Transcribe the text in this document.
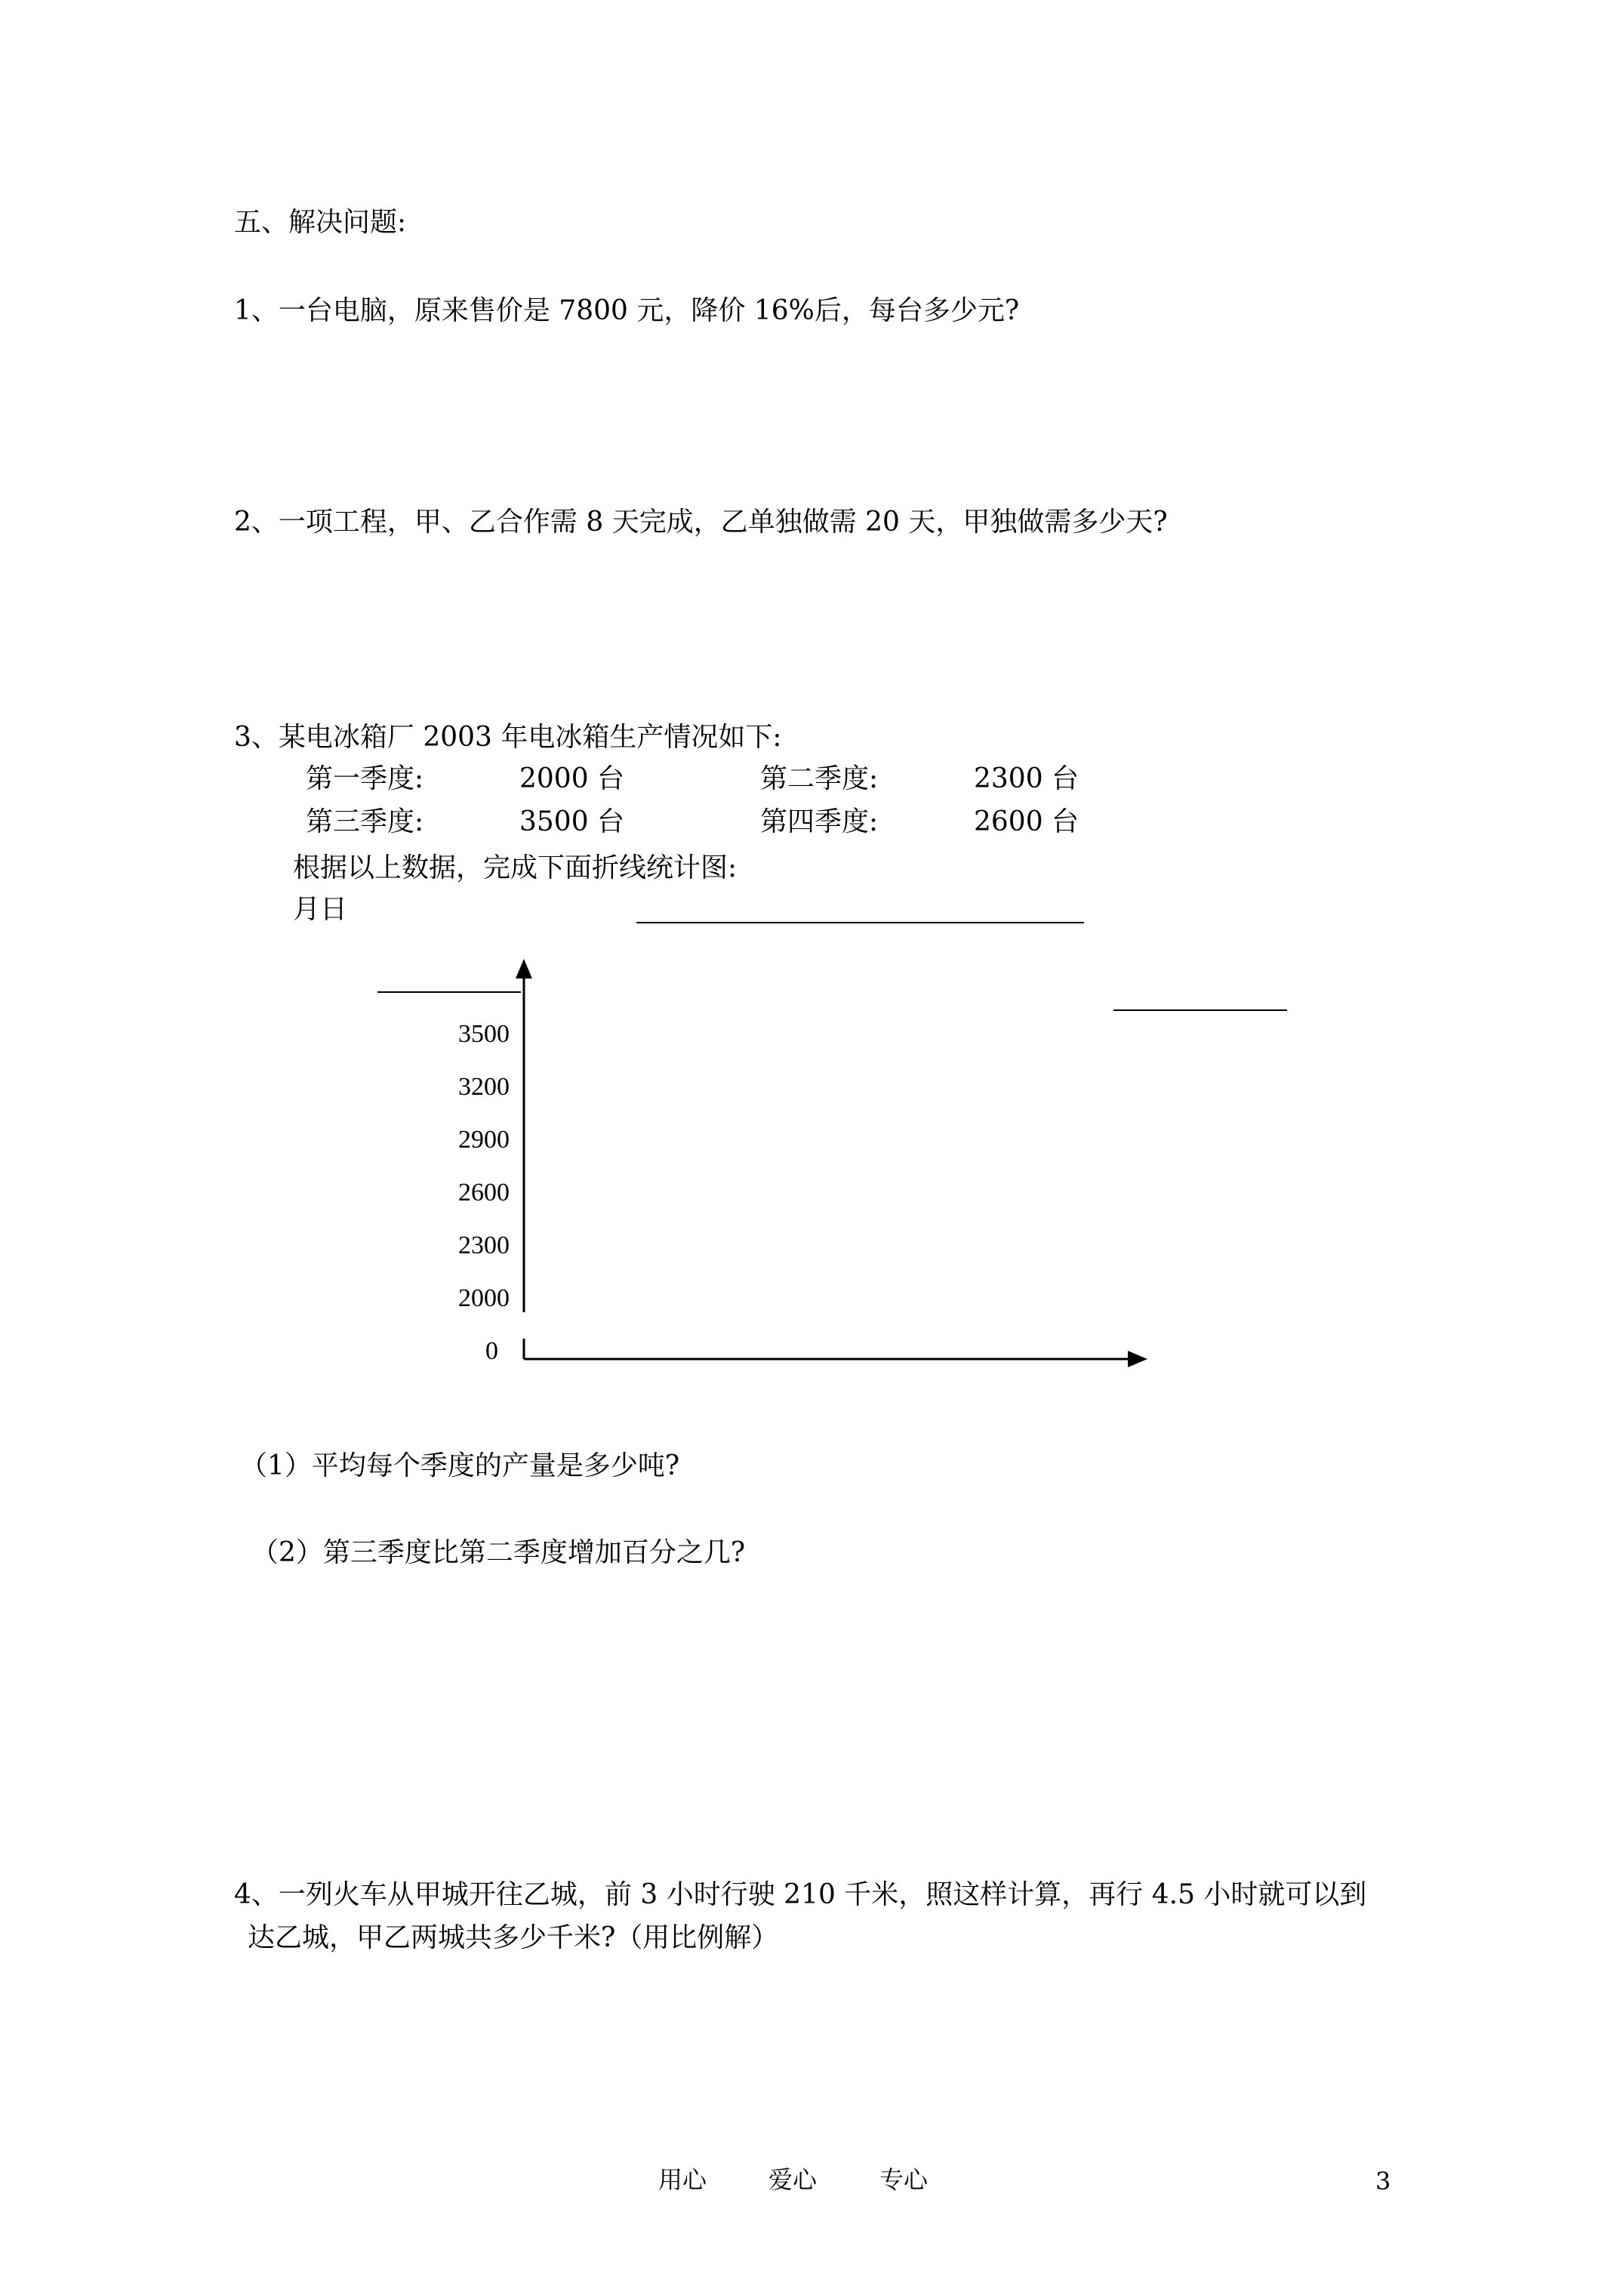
五、解决问题:
1、一台电脑，原来售价是 7800 元，降价 16%后，每台多少元?
2、一项工程，甲、乙合作需 8 天完成，乙单独做需 20 天，甲独做需多少天?
3、某电冰箱厂 2003 年电冰箱生产情况如下:
第一季度:	2000 台	第二季度:	2300 台
第三季度:	3500 台	第四季度:	2600 台
根据以上数据，完成下面折线统计图:
月日
3500
3200
2900
2600
2300
2000
0
（1）平均每个季度的产量是多少吨?
（2）第三季度比第二季度增加百分之几?
4、一列火车从甲城开往乙城，前 3 小时行驶 210 千米，照这样计算，再行 4.5 小时就可以到
达乙城，甲乙两城共多少千米?（用比例解）
用心	爱心	专心	3
